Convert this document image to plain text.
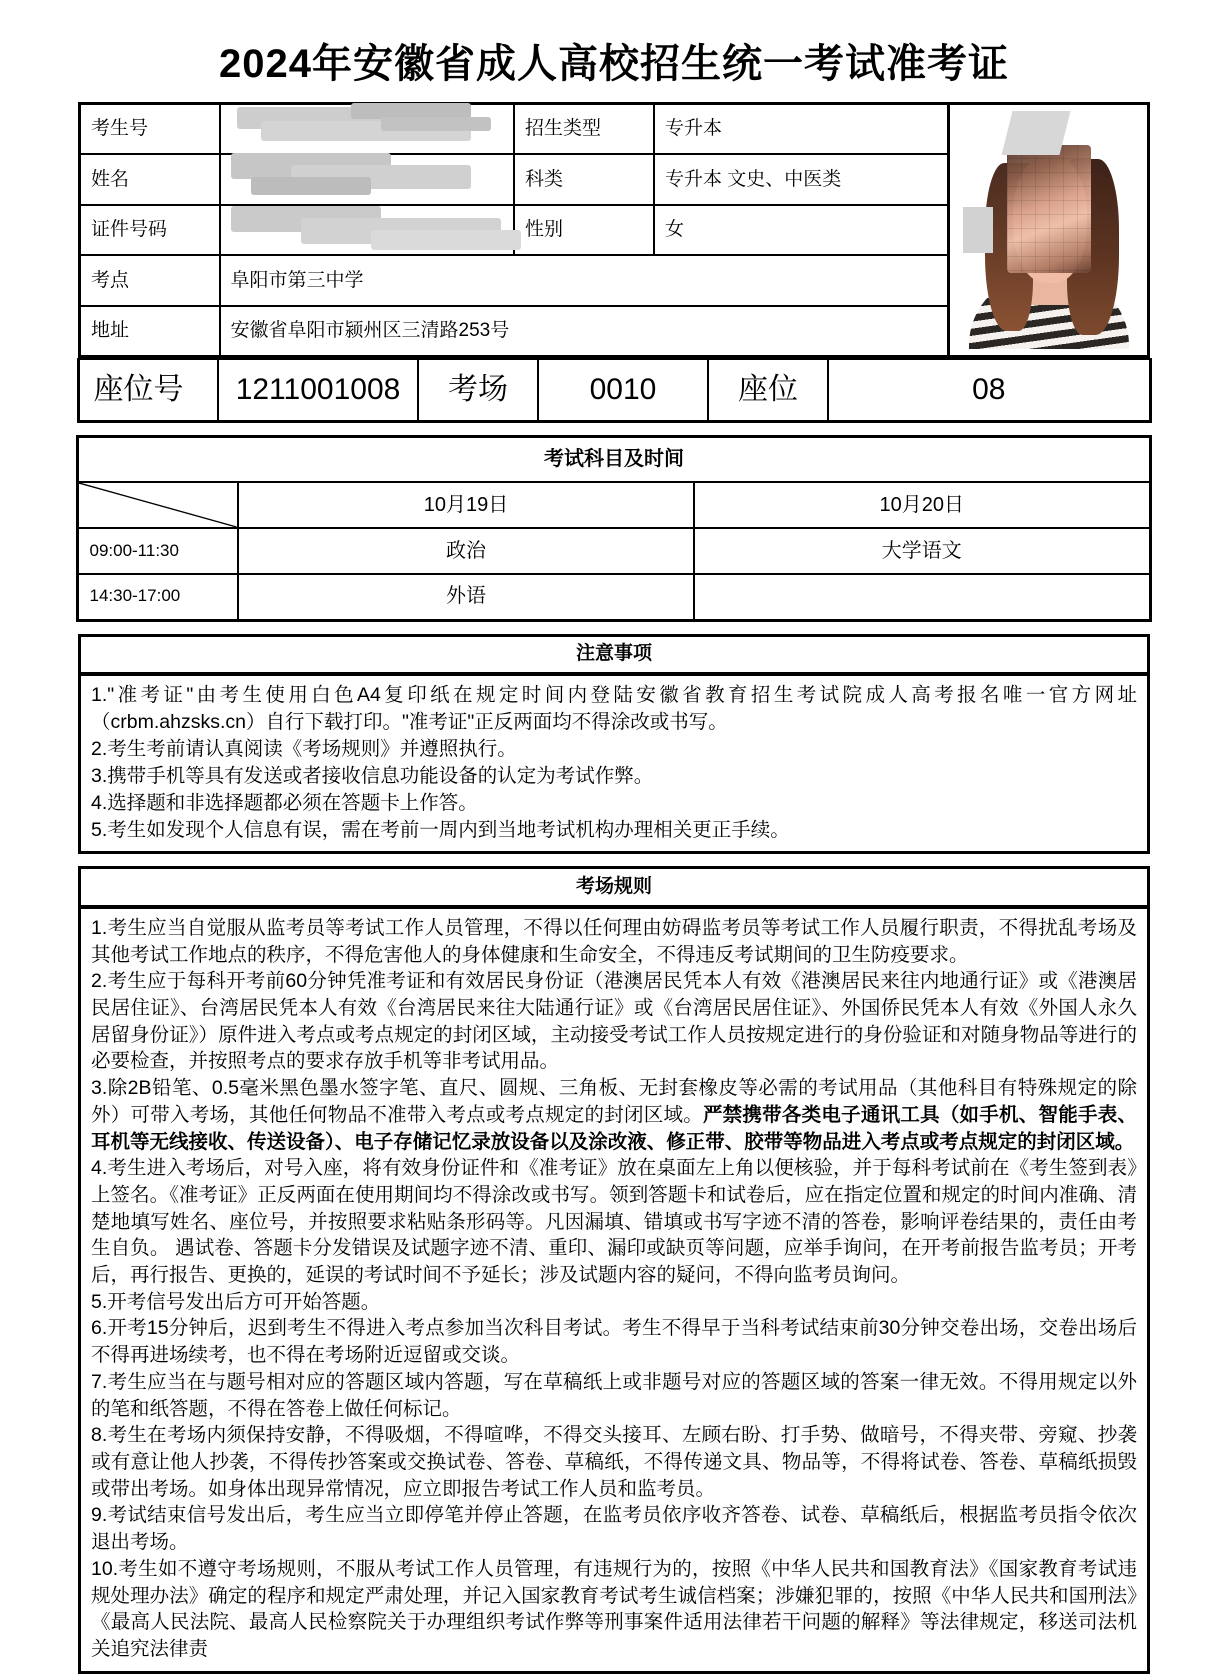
2024年安徽省成人高校招生统一考试准考证
考生号		招生类型	专升本	

姓名		科类	专升本 文史、中医类	
证件号码		性别	女	
考点	阜阳市第三中学			
地址	安徽省阜阳市颍州区三清路253号			
座位号	1211001008	考场	0010	座位	08
考试科目及时间		

	10月19日	10月20日
09:00-11:30	政治	大学语文
14:30-17:00	外语	
注意事项

1."准考证"由考生使用白色A4复印纸在规定时间内登陆安徽省教育招生考试院成人高考报名唯一官方网址（crbm.ahzsks.cn）自行下载打印。"准考证"正反两面均不得涂改或书写。

2.考生考前请认真阅读《考场规则》并遵照执行。

3.携带手机等具有发送或者接收信息功能设备的认定为考试作弊。

4.选择题和非选择题都必须在答题卡上作答。

5.考生如发现个人信息有误，需在考前一周内到当地考试机构办理相关更正手续。

考场规则

1.考生应当自觉服从监考员等考试工作人员管理，不得以任何理由妨碍监考员等考试工作人员履行职责，不得扰乱考场及其他考试工作地点的秩序，不得危害他人的身体健康和生命安全，不得违反考试期间的卫生防疫要求。

2.考生应于每科开考前60分钟凭准考证和有效居民身份证（港澳居民凭本人有效《港澳居民来往内地通行证》或《港澳居民居住证》、台湾居民凭本人有效《台湾居民来往大陆通行证》或《台湾居民居住证》、外国侨民凭本人有效《外国人永久居留身份证》）原件进入考点或考点规定的封闭区域，主动接受考试工作人员按规定进行的身份验证和对随身物品等进行的必要检查，并按照考点的要求存放手机等非考试用品。

3.除2B铅笔、0.5毫米黑色墨水签字笔、直尺、圆规、三角板、无封套橡皮等必需的考试用品（其他科目有特殊规定的除外）可带入考场，其他任何物品不准带入考点或考点规定的封闭区域。严禁携带各类电子通讯工具（如手机、智能手表、耳机等无线接收、传送设备）、电子存储记忆录放设备以及涂改液、修正带、胶带等物品进入考点或考点规定的封闭区域。

4.考生进入考场后，对号入座，将有效身份证件和《准考证》放在桌面左上角以便核验，并于每科考试前在《考生签到表》上签名。《准考证》正反两面在使用期间均不得涂改或书写。领到答题卡和试卷后，应在指定位置和规定的时间内准确、清楚地填写姓名、座位号，并按照要求粘贴条形码等。凡因漏填、错填或书写字迹不清的答卷，影响评卷结果的，责任由考生自负。 遇试卷、答题卡分发错误及试题字迹不清、重印、漏印或缺页等问题，应举手询问，在开考前报告监考员；开考后，再行报告、更换的，延误的考试时间不予延长；涉及试题内容的疑问，不得向监考员询问。

5.开考信号发出后方可开始答题。

6.开考15分钟后，迟到考生不得进入考点参加当次科目考试。考生不得早于当科考试结束前30分钟交卷出场，交卷出场后不得再进场续考，也不得在考场附近逗留或交谈。

7.考生应当在与题号相对应的答题区域内答题，写在草稿纸上或非题号对应的答题区域的答案一律无效。不得用规定以外的笔和纸答题，不得在答卷上做任何标记。

8.考生在考场内须保持安静，不得吸烟，不得喧哗，不得交头接耳、左顾右盼、打手势、做暗号，不得夹带、旁窥、抄袭或有意让他人抄袭，不得传抄答案或交换试卷、答卷、草稿纸，不得传递文具、物品等，不得将试卷、答卷、草稿纸损毁或带出考场。如身体出现异常情况，应立即报告考试工作人员和监考员。

9.考试结束信号发出后，考生应当立即停笔并停止答题，在监考员依序收齐答卷、试卷、草稿纸后，根据监考员指令依次退出考场。

10.考生如不遵守考场规则，不服从考试工作人员管理，有违规行为的，按照《中华人民共和国教育法》《国家教育考试违规处理办法》确定的程序和规定严肃处理，并记入国家教育考试考生诚信档案；涉嫌犯罪的，按照《中华人民共和国刑法》《最高人民法院、最高人民检察院关于办理组织考试作弊等刑事案件适用法律若干问题的解释》等法律规定，移送司法机关追究法律责
